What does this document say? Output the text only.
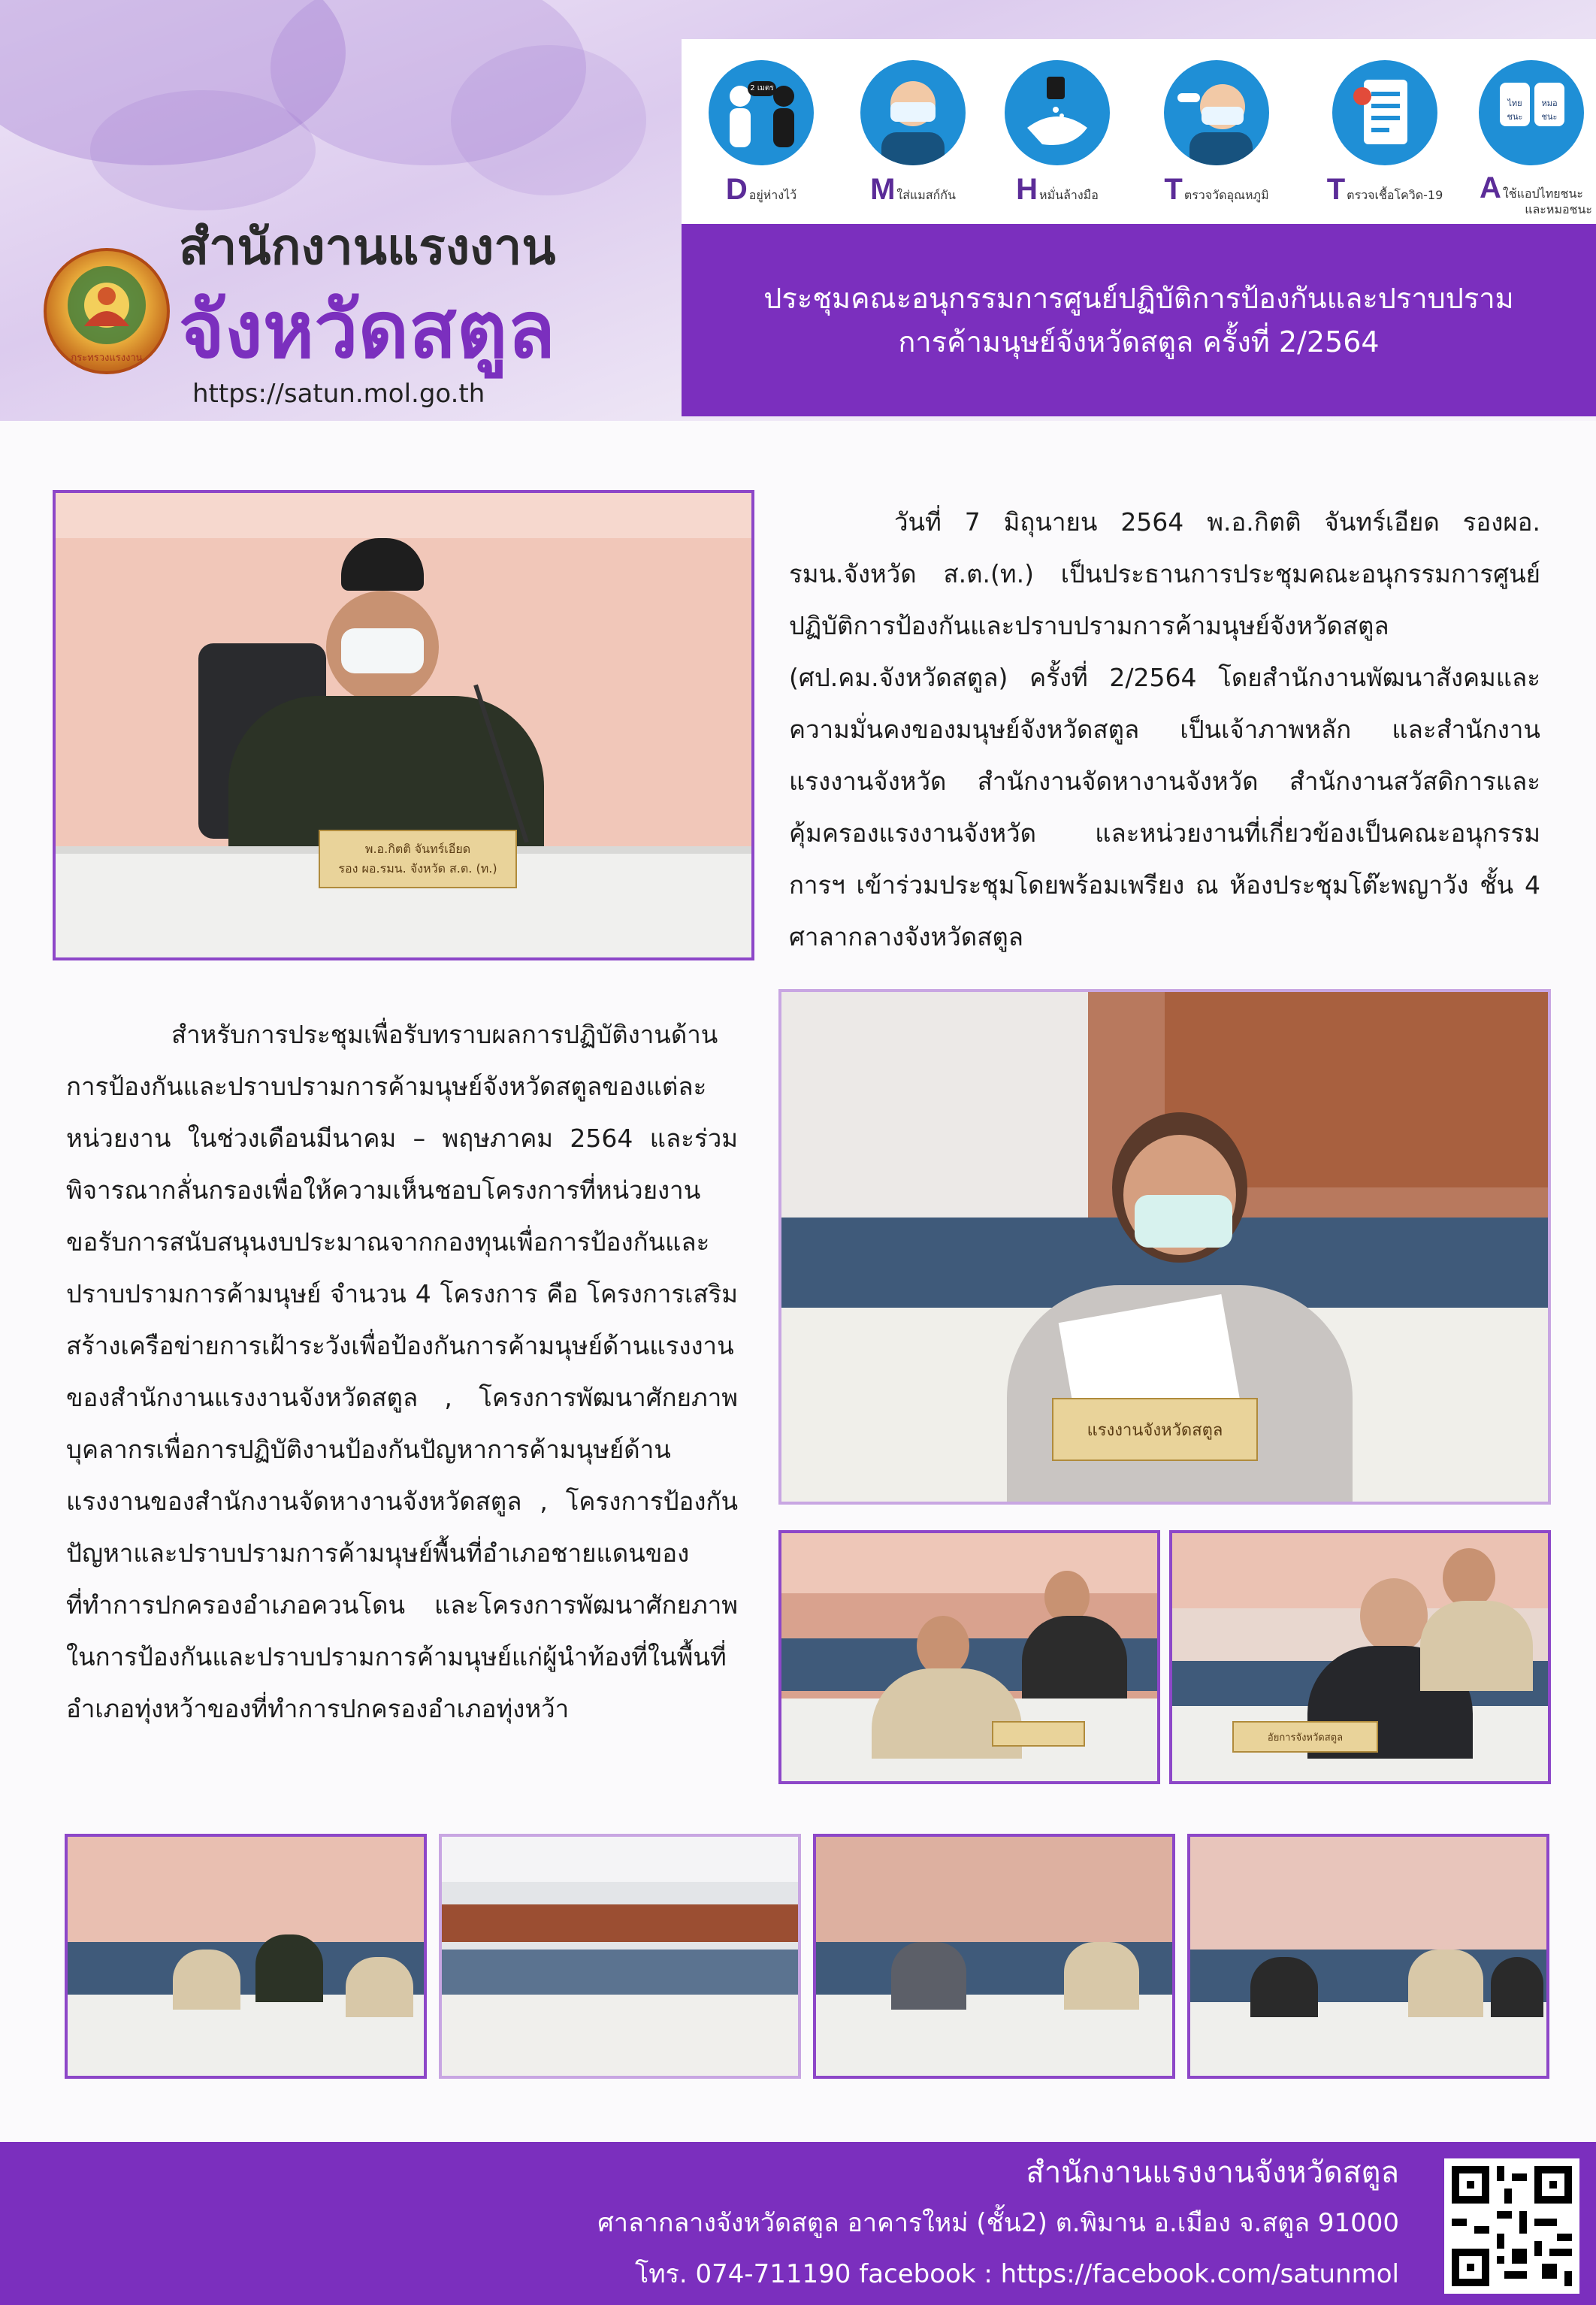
กระทรวงแรงงาน
สำนักงานแรงงาน
จังหวัดสตูล
https://satun.mol.go.th
2 เมตร
D อยู่ห่างไว้ M ใส่แมสก์กัน H หมั่นล้างมือ T ตรวจวัดอุณหภูมิ T ตรวจเชื้อโควิด-19
ไทยชนะ
หมอชนะ
A ใช้แอปไทยชนะ
และหมอชนะ
ประชุมคณะอนุกรรมการศูนย์ปฏิบัติการป้องกันและปราบปราม
การค้ามนุษย์จังหวัดสตูล ครั้งที่ 2/2564
พ.อ.กิตติ จันทร์เอียด
รอง ผอ.รมน. จังหวัด ส.ต. (ท.)

วันที่ 7 มิถุนายน 2564 พ.อ.กิตติ จันทร์เอียด รองผอ. รมน.จังหวัด ส.ต.(ท.) เป็นประธานการประชุมคณะอนุกรรมการศูนย์ปฏิบัติการป้องกันและปราบปรามการค้ามนุษย์จังหวัดสตูล (ศป.คม.จังหวัดสตูล) ครั้งที่ 2/2564 โดยสำนักงานพัฒนาสังคมและความมั่นคงของมนุษย์จังหวัดสตูล เป็นเจ้าภาพหลัก และสำนักงานแรงงานจังหวัด สำนักงานจัดหางานจังหวัด สำนักงานสวัสดิการและคุ้มครองแรงงานจังหวัด และหน่วยงานที่เกี่ยวข้องเป็นคณะอนุกรรมการฯ เข้าร่วมประชุมโดยพร้อมเพรียง ณ ห้องประชุมโต๊ะพญาวัง ชั้น 4 ศาลากลางจังหวัดสตูล

แรงงานจังหวัดสตูล

สำหรับการประชุมเพื่อรับทราบผลการปฏิบัติงานด้านการป้องกันและปราบปรามการค้ามนุษย์จังหวัดสตูลของแต่ละหน่วยงาน ในช่วงเดือนมีนาคม – พฤษภาคม 2564 และร่วมพิจารณากลั่นกรองเพื่อให้ความเห็นชอบโครงการที่หน่วยงานขอรับการสนับสนุนงบประมาณจากกองทุนเพื่อการป้องกันและปราบปรามการค้ามนุษย์ จำนวน 4 โครงการ คือ โครงการเสริมสร้างเครือข่ายการเฝ้าระวังเพื่อป้องกันการค้ามนุษย์ด้านแรงงานของสำนักงานแรงงานจังหวัดสตูล , โครงการพัฒนาศักยภาพบุคลากรเพื่อการปฏิบัติงานป้องกันปัญหาการค้ามนุษย์ด้านแรงงานของสำนักงานจัดหางานจังหวัดสตูล , โครงการป้องกันปัญหาและปราบปรามการค้ามนุษย์พื้นที่อำเภอชายแดนของที่ทำการปกครองอำเภอควนโดน และโครงการพัฒนาศักยภาพในการป้องกันและปราบปรามการค้ามนุษย์แก่ผู้นำท้องที่ในพื้นที่อำเภอทุ่งหว้าของที่ทำการปกครองอำเภอทุ่งหว้า

อัยการจังหวัดสตูล
สำนักงานแรงงานจังหวัดสตูล
ศาลากลางจังหวัดสตูล อาคารใหม่ (ชั้น2) ต.พิมาน อ.เมือง จ.สตูล 91000
โทร. 074-711190 facebook : https://facebook.com/satunmol
